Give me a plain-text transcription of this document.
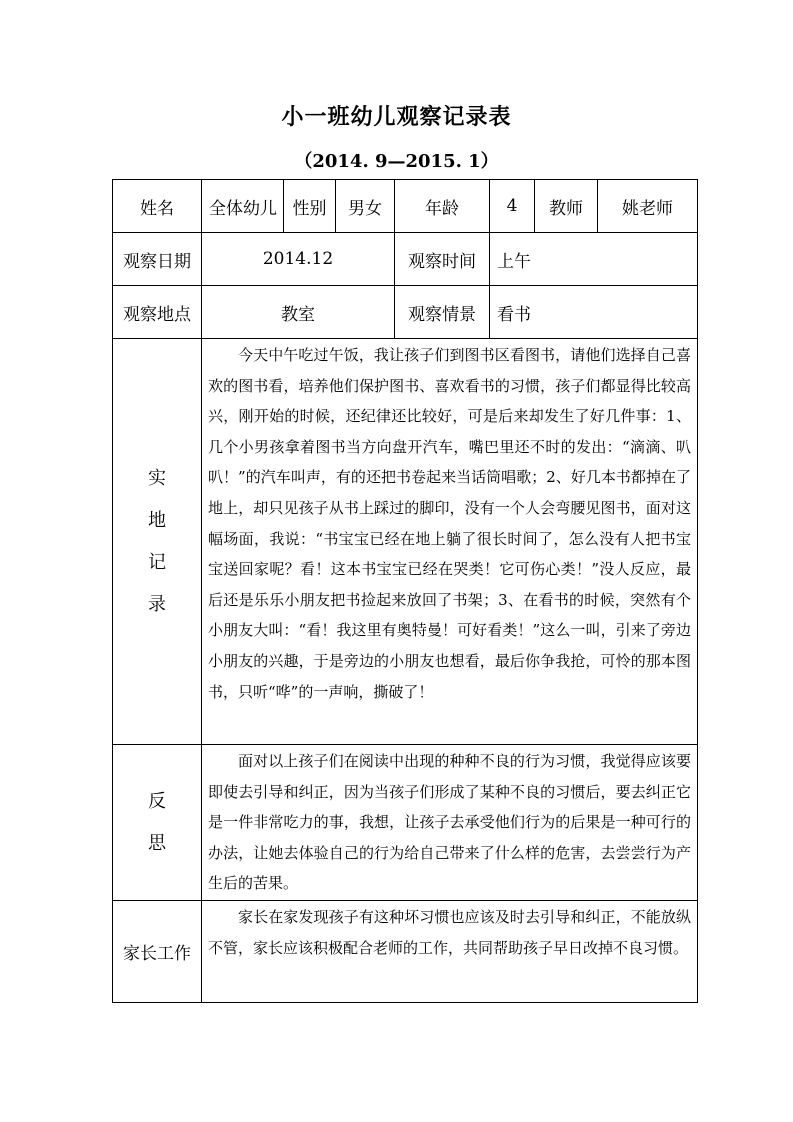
小一班幼儿观察记录表
（2014. 9—2015. 1）
姓名	全体幼儿 性别	男女	年龄	4	教师	姚老师
观察日期	2014.12	观察时间	上午
观察地点	教室	观察情景	看书
实
地
记
录
今天中午吃过午饭，我让孩子们到图书区看图书，请他们选择自己喜欢的图书看，培养他们保护图书、喜欢看书的习惯，孩子们都显得比较高兴，刚开始的时候，还纪律还比较好，可是后来却发生了好几件事：1、几个小男孩拿着图书当方向盘开汽车，嘴巴里还不时的发出：“滴滴、叭叭！”的汽车叫声，有的还把书卷起来当话筒唱歌；2、好几本书都掉在了地上，却只见孩子从书上踩过的脚印，没有一个人会弯腰见图书，面对这幅场面，我说：“书宝宝已经在地上躺了很长时间了，怎么没有人把书宝宝送回家呢？看！这本书宝宝已经在哭类！它可伤心类！”没人反应，最后还是乐乐小朋友把书捡起来放回了书架；3、在看书的时候，突然有个小朋友大叫：“看！我这里有奥特曼！可好看类！”这么一叫，引来了旁边小朋友的兴趣，于是旁边的小朋友也想看，最后你争我抢，可怜的那本图书，只听“哗”的一声响，撕破了！
反
思
面对以上孩子们在阅读中出现的种种不良的行为习惯，我觉得应该要即使去引导和纠正，因为当孩子们形成了某种不良的习惯后，要去纠正它是一件非常吃力的事，我想，让孩子去承受他们行为的后果是一种可行的办法，让她去体验自己的行为给自己带来了什么样的危害，去尝尝行为产生后的苦果。
家长工作
家长在家发现孩子有这种坏习惯也应该及时去引导和纠正，不能放纵不管，家长应该积极配合老师的工作，共同帮助孩子早日改掉不良习惯。
